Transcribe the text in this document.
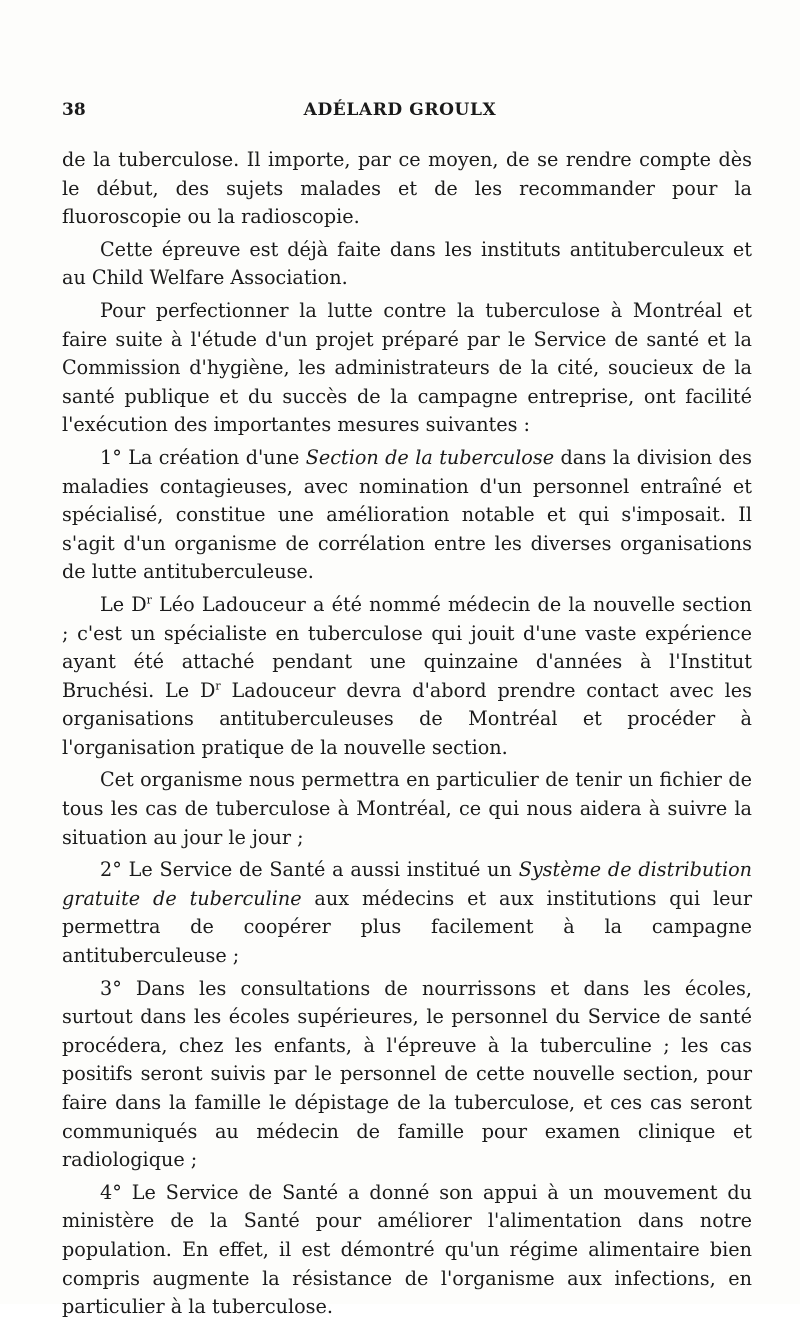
38	ADÉLARD GROULX

de la tuberculose. Il importe, par ce moyen, de se rendre compte dès le début, des sujets malades et de les recommander pour la fluoroscopie ou la radioscopie.

Cette épreuve est déjà faite dans les instituts antituberculeux et au Child Welfare Association.

Pour perfectionner la lutte contre la tuberculose à Montréal et faire suite à l'étude d'un projet préparé par le Service de santé et la Commission d'hygiène, les administrateurs de la cité, soucieux de la santé publique et du succès de la campagne entreprise, ont facilité l'exécution des importantes mesures suivantes :

1° La création d'une Section de la tuberculose dans la division des maladies contagieuses, avec nomination d'un personnel entraîné et spécialisé, constitue une amélioration notable et qui s'imposait. Il s'agit d'un organisme de corrélation entre les diverses organisations de lutte antituberculeuse.

Le $D^r$ Léo Ladouceur a été nommé médecin de la nouvelle section ; c'est un spécialiste en tuberculose qui jouit d'une vaste expérience ayant été attaché pendant une quinzaine d'années à l'Institut Bruchési. Le $D^r$ Ladouceur devra d'abord prendre contact avec les organisations antituberculeuses de Montréal et procéder à l'organisation pratique de la nouvelle section.

Cet organisme nous permettra en particulier de tenir un fichier de tous les cas de tuberculose à Montréal, ce qui nous aidera à suivre la situation au jour le jour ;

2° Le Service de Santé a aussi institué un Système de distribution gratuite de tuberculine aux médecins et aux institutions qui leur permettra de coopérer plus facilement à la campagne antituberculeuse ;

3° Dans les consultations de nourrissons et dans les écoles, surtout dans les écoles supérieures, le personnel du Service de santé procédera, chez les enfants, à l'épreuve à la tuberculine ; les cas positifs seront suivis par le personnel de cette nouvelle section, pour faire dans la famille le dépistage de la tuberculose, et ces cas seront communiqués au médecin de famille pour examen clinique et radiologique ;

4° Le Service de Santé a donné son appui à un mouvement du ministère de la Santé pour améliorer l'alimentation dans notre population. En effet, il est démontré qu'un régime alimentaire bien compris augmente la résistance de l'organisme aux infections, en particulier à la tuberculose.
